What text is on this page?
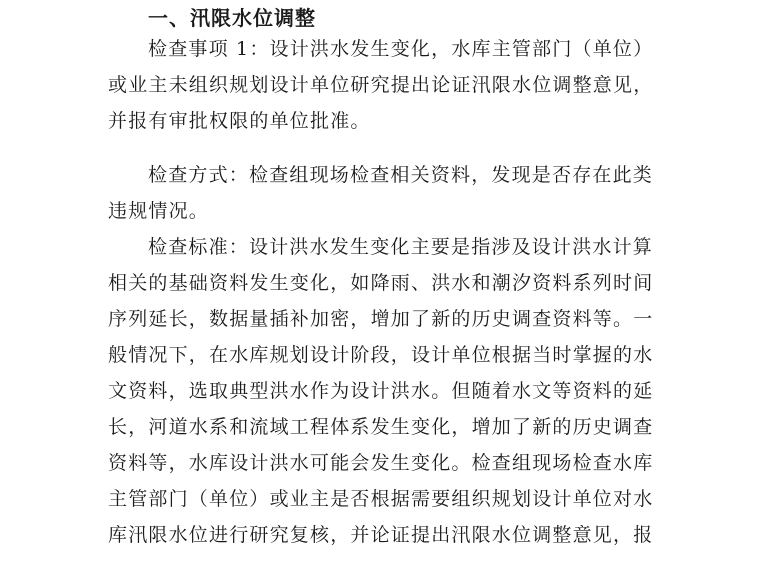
一、汛限水位调整
检查事项 1：设计洪水发生变化，水库主管部门（单位）
或业主未组织规划设计单位研究提出论证汛限水位调整意见，
并报有审批权限的单位批准。
检查方式：检查组现场检查相关资料，发现是否存在此类
违规情况。
检查标准：设计洪水发生变化主要是指涉及设计洪水计算
相关的基础资料发生变化，如降雨、洪水和潮汐资料系列时间
序列延长，数据量插补加密，增加了新的历史调查资料等。一
般情况下，在水库规划设计阶段，设计单位根据当时掌握的水
文资料，选取典型洪水作为设计洪水。但随着水文等资料的延
长，河道水系和流域工程体系发生变化，增加了新的历史调查
资料等，水库设计洪水可能会发生变化。检查组现场检查水库
主管部门（单位）或业主是否根据需要组织规划设计单位对水
库汛限水位进行研究复核，并论证提出汛限水位调整意见，报
